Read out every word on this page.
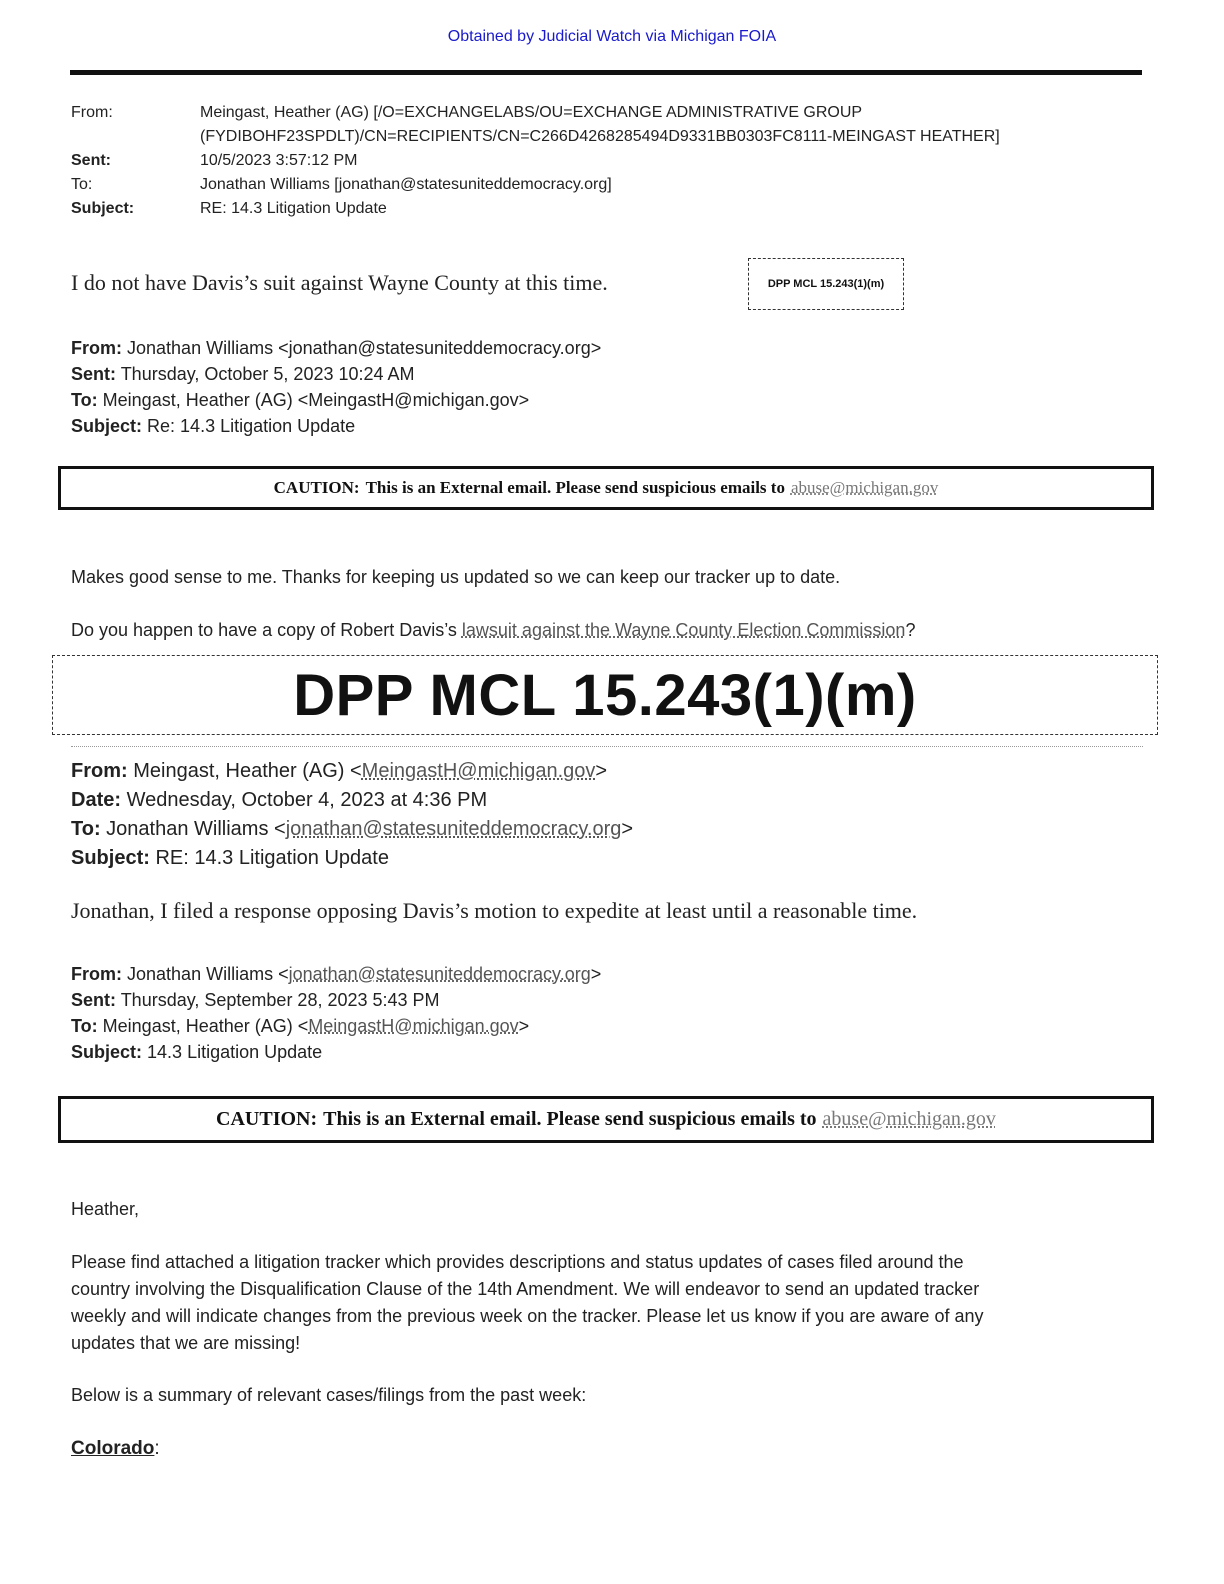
Obtained by Judicial Watch via Michigan FOIA
From:	Meingast, Heather (AG) [/O=EXCHANGELABS/OU=EXCHANGE ADMINISTRATIVE GROUP
(FYDIBOHF23SPDLT)/CN=RECIPIENTS/CN=C266D4268285494D9331BB0303FC8111-MEINGAST HEATHER]
Sent:	10/5/2023 3:57:12 PM
To:	Jonathan Williams [jonathan@statesuniteddemocracy.org]
Subject:	RE: 14.3 Litigation Update
I do not have Davis’s suit against Wayne County at this time.	DPP MCL 15.243(1)(m)
From: Jonathan Williams <jonathan@statesuniteddemocracy.org>
Sent: Thursday, October 5, 2023 10:24 AM
To: Meingast, Heather (AG) <MeingastH@michigan.gov>
Subject: Re: 14.3 Litigation Update
CAUTION: This is an External email. Please send suspicious emails to abuse@michigan.gov
Makes good sense to me. Thanks for keeping us updated so we can keep our tracker up to date.
Do you happen to have a copy of Robert Davis’s lawsuit against the Wayne County Election Commission?
DPP MCL 15.243(1)(m)
From: Meingast, Heather (AG) <MeingastH@michigan.gov>
Date: Wednesday, October 4, 2023 at 4:36 PM
To: Jonathan Williams <jonathan@statesuniteddemocracy.org>
Subject: RE: 14.3 Litigation Update
Jonathan, I filed a response opposing Davis’s motion to expedite at least until a reasonable time.
From: Jonathan Williams <jonathan@statesuniteddemocracy.org>
Sent: Thursday, September 28, 2023 5:43 PM
To: Meingast, Heather (AG) <MeingastH@michigan.gov>
Subject: 14.3 Litigation Update
CAUTION: This is an External email. Please send suspicious emails to abuse@michigan.gov
Heather,
Please find attached a litigation tracker which provides descriptions and status updates of cases filed around the
country involving the Disqualification Clause of the 14th Amendment. We will endeavor to send an updated tracker
weekly and will indicate changes from the previous week on the tracker. Please let us know if you are aware of any
updates that we are missing!
Below is a summary of relevant cases/filings from the past week:
Colorado:
